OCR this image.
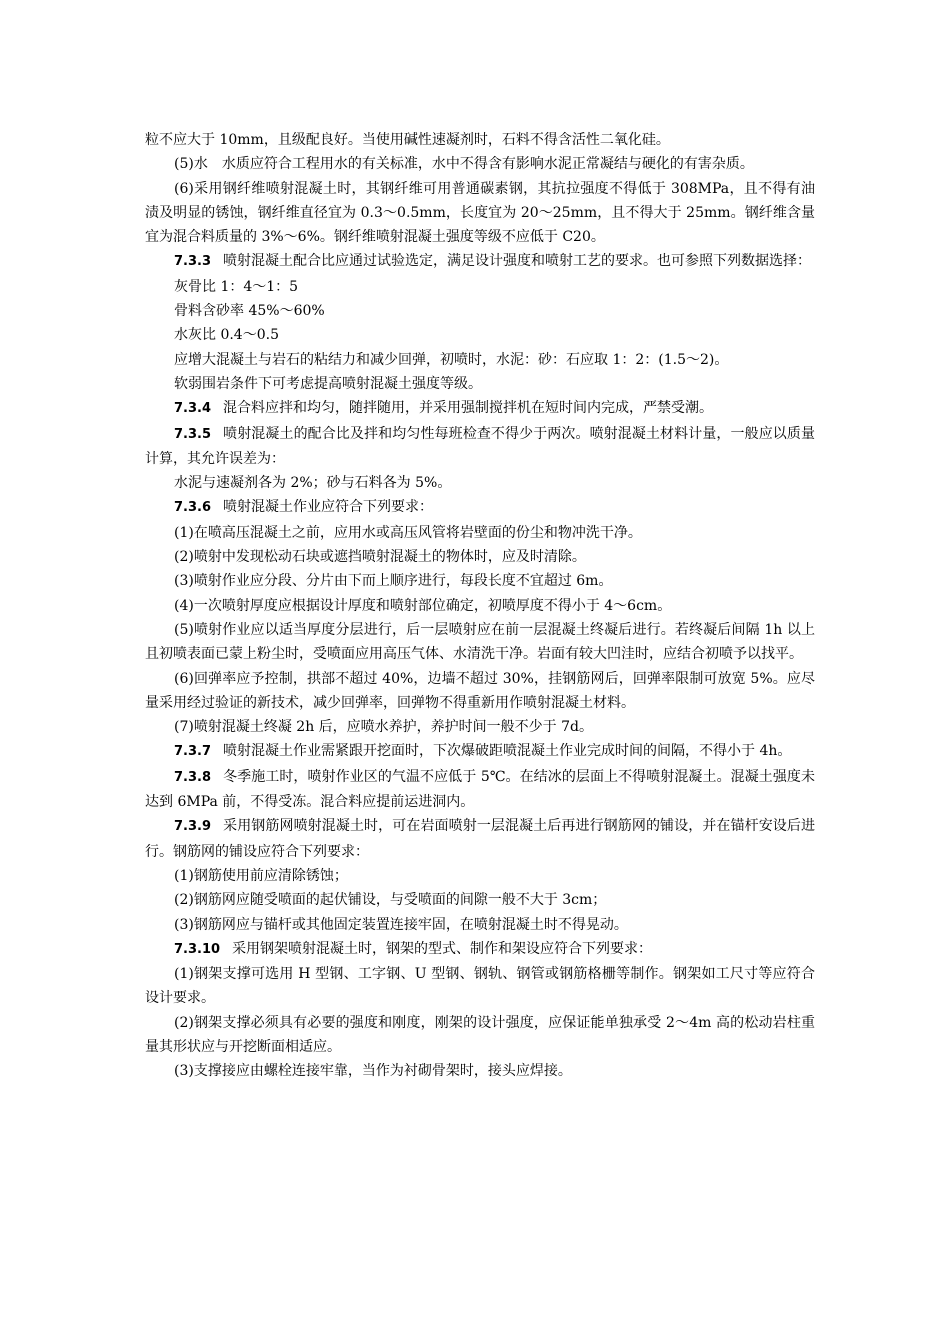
粒不应大于 10mm，且级配良好。当使用碱性速凝剂时，石料不得含活性二氧化硅。

(5)水　水质应符合工程用水的有关标准，水中不得含有影响水泥正常凝结与硬化的有害杂质。

(6)采用钢纤维喷射混凝土时，其钢纤维可用普通碳素钢，其抗拉强度不得低于 308MPa，且不得有油渍及明显的锈蚀，钢纤维直径宜为 0.3～0.5mm，长度宜为 20～25mm，且不得大于 25mm。钢纤维含量宜为混合料质量的 3%～6%。钢纤维喷射混凝土强度等级不应低于 C20。

7.3.3 喷射混凝土配合比应通过试验选定，满足设计强度和喷射工艺的要求。也可参照下列数据选择：

灰骨比 1：4～1：5

骨料含砂率 45%～60%

水灰比 0.4～0.5

应增大混凝土与岩石的粘结力和减少回弹，初喷时，水泥：砂：石应取 1：2：(1.5～2)。

软弱围岩条件下可考虑提高喷射混凝土强度等级。

7.3.4 混合料应拌和均匀，随拌随用，并采用强制搅拌机在短时间内完成，严禁受潮。

7.3.5 喷射混凝土的配合比及拌和均匀性每班检查不得少于两次。喷射混凝土材料计量，一般应以质量计算，其允许误差为：

水泥与速凝剂各为 2%；砂与石料各为 5%。

7.3.6 喷射混凝土作业应符合下列要求：

(1)在喷高压混凝土之前，应用水或高压风管将岩壁面的份尘和物冲洗干净。

(2)喷射中发现松动石块或遮挡喷射混凝土的物体时，应及时清除。

(3)喷射作业应分段、分片由下而上顺序进行，每段长度不宜超过 6m。

(4)一次喷射厚度应根据设计厚度和喷射部位确定，初喷厚度不得小于 4～6cm。

(5)喷射作业应以适当厚度分层进行，后一层喷射应在前一层混凝土终凝后进行。若终凝后间隔 1h 以上且初喷表面已蒙上粉尘时，受喷面应用高压气体、水清洗干净。岩面有较大凹洼时，应结合初喷予以找平。

(6)回弹率应予控制，拱部不超过 40%，边墙不超过 30%，挂钢筋网后，回弹率限制可放宽 5%。应尽量采用经过验证的新技术，减少回弹率，回弹物不得重新用作喷射混凝土材料。

(7)喷射混凝土终凝 2h 后，应喷水养护，养护时间一般不少于 7d。

7.3.7 喷射混凝土作业需紧跟开挖面时，下次爆破距喷混凝土作业完成时间的间隔，不得小于 4h。

7.3.8 冬季施工时，喷射作业区的气温不应低于 5℃。在结冰的层面上不得喷射混凝土。混凝土强度未达到 6MPa 前，不得受冻。混合料应提前运进洞内。

7.3.9 采用钢筋网喷射混凝土时，可在岩面喷射一层混凝土后再进行钢筋网的铺设，并在锚杆安设后进行。钢筋网的铺设应符合下列要求：

(1)钢筋使用前应清除锈蚀；

(2)钢筋网应随受喷面的起伏铺设，与受喷面的间隙一般不大于 3cm；

(3)钢筋网应与锚杆或其他固定装置连接牢固，在喷射混凝土时不得晃动。

7.3.10 采用钢架喷射混凝土时，钢架的型式、制作和架设应符合下列要求：

(1)钢架支撑可选用 H 型钢、工字钢、U 型钢、钢轨、钢管或钢筋格栅等制作。钢架如工尺寸等应符合设计要求。

(2)钢架支撑必须具有必要的强度和刚度，刚架的设计强度，应保证能单独承受 2～4m 高的松动岩柱重量其形状应与开挖断面相适应。

(3)支撑接应由螺栓连接牢靠，当作为衬砌骨架时，接头应焊接。
